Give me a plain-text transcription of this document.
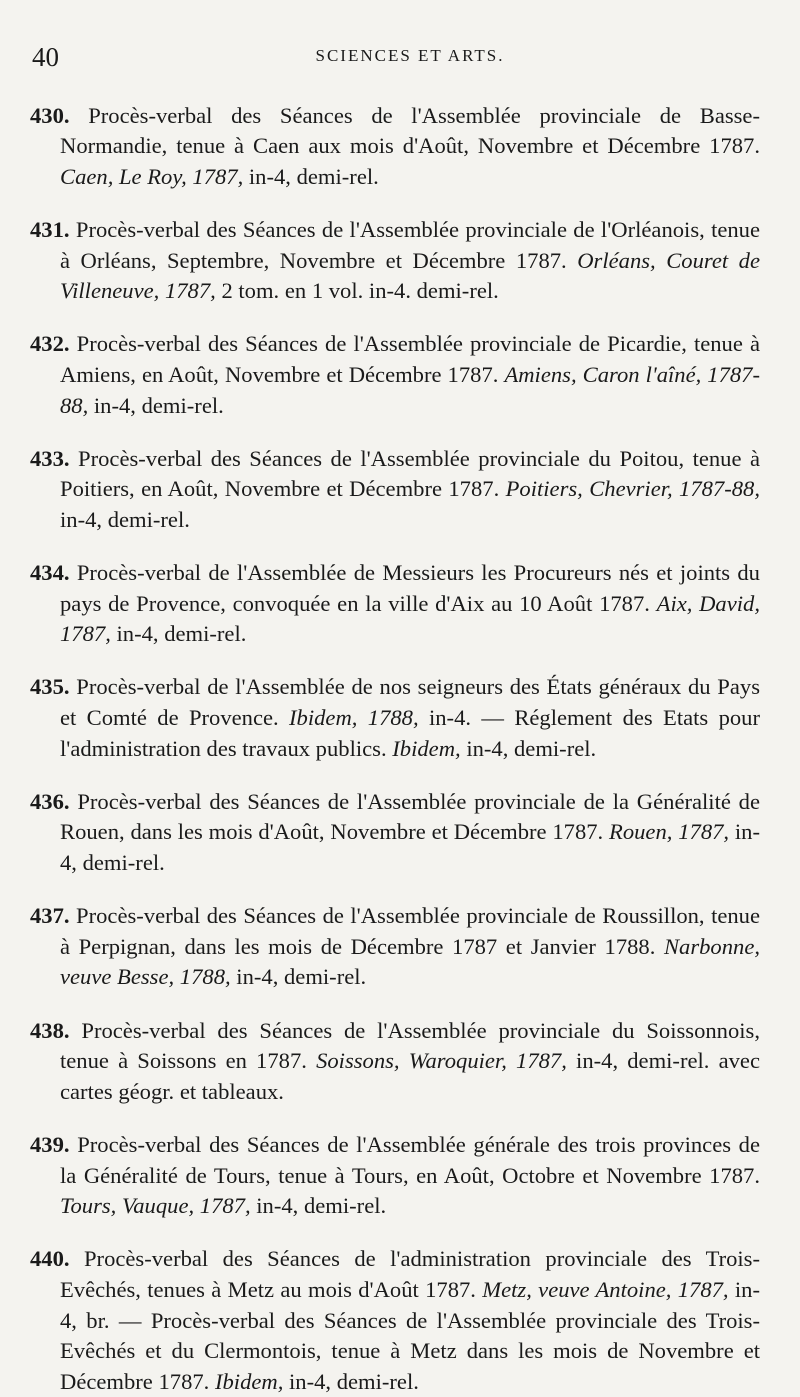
40	SCIENCES ET ARTS.

430. Procès-verbal des Séances de l'Assemblée provinciale de Basse-Normandie, tenue à Caen aux mois d'Août, Novembre et Décembre 1787. Caen, Le Roy, 1787, in-4, demi-rel.

431. Procès-verbal des Séances de l'Assemblée provinciale de l'Orléanois, tenue à Orléans, Septembre, Novembre et Décembre 1787. Orléans, Couret de Villeneuve, 1787, 2 tom. en 1 vol. in-4. demi-rel.

432. Procès-verbal des Séances de l'Assemblée provinciale de Picardie, tenue à Amiens, en Août, Novembre et Décembre 1787. Amiens, Caron l'aîné, 1787-88, in-4, demi-rel.

433. Procès-verbal des Séances de l'Assemblée provinciale du Poitou, tenue à Poitiers, en Août, Novembre et Décembre 1787. Poitiers, Chevrier, 1787-88, in-4, demi-rel.

434. Procès-verbal de l'Assemblée de Messieurs les Procureurs nés et joints du pays de Provence, convoquée en la ville d'Aix au 10 Août 1787. Aix, David, 1787, in-4, demi-rel.

435. Procès-verbal de l'Assemblée de nos seigneurs des États généraux du Pays et Comté de Provence. Ibidem, 1788, in-4. — Réglement des Etats pour l'administration des travaux publics. Ibidem, in-4, demi-rel.

436. Procès-verbal des Séances de l'Assemblée provinciale de la Généralité de Rouen, dans les mois d'Août, Novembre et Décembre 1787. Rouen, 1787, in-4, demi-rel.

437. Procès-verbal des Séances de l'Assemblée provinciale de Roussillon, tenue à Perpignan, dans les mois de Décembre 1787 et Janvier 1788. Narbonne, veuve Besse, 1788, in-4, demi-rel.

438. Procès-verbal des Séances de l'Assemblée provinciale du Soissonnois, tenue à Soissons en 1787. Soissons, Waroquier, 1787, in-4, demi-rel. avec cartes géogr. et tableaux.

439. Procès-verbal des Séances de l'Assemblée générale des trois provinces de la Généralité de Tours, tenue à Tours, en Août, Octobre et Novembre 1787. Tours, Vauque, 1787, in-4, demi-rel.

440. Procès-verbal des Séances de l'administration provinciale des Trois-Evêchés, tenues à Metz au mois d'Août 1787. Metz, veuve Antoine, 1787, in-4, br. — Procès-verbal des Séances de l'Assemblée provinciale des Trois-Evêchés et du Clermontois, tenue à Metz dans les mois de Novembre et Décembre 1787. Ibidem, in-4, demi-rel.
